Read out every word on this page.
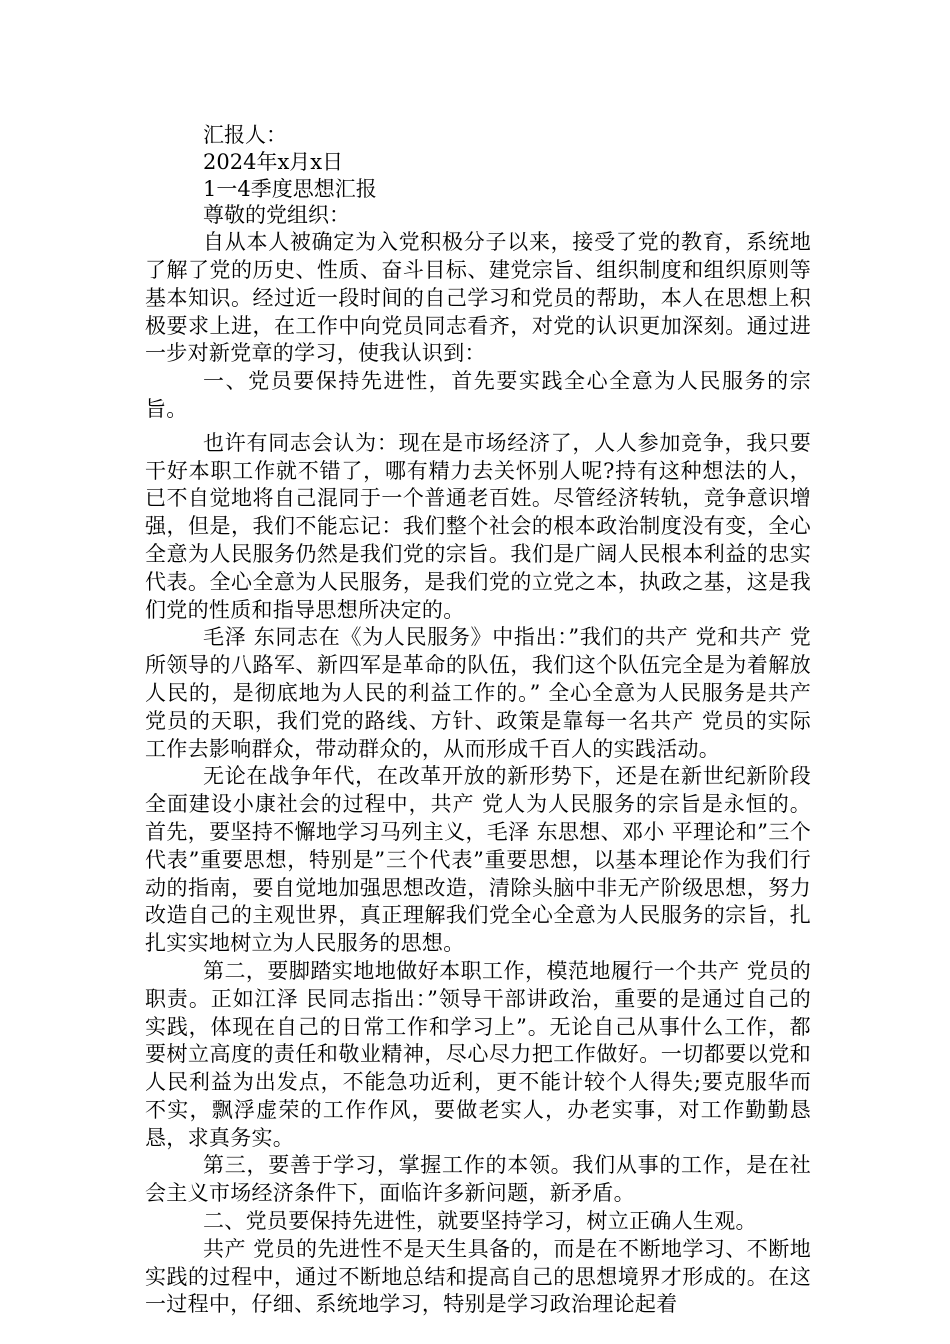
汇报人：

2024年x月x日

1一4季度思想汇报

尊敬的党组织：

自从本人被确定为入党积极分子以来，接受了党的教育，系统地了解了党的历史、性质、奋斗目标、建党宗旨、组织制度和组织原则等基本知识。经过近一段时间的自己学习和党员的帮助，本人在思想上积极要求上进，在工作中向党员同志看齐，对党的认识更加深刻。通过进一步对新党章的学习，使我认识到：

一、党员要保持先进性，首先要实践全心全意为人民服务的宗旨。

也许有同志会认为：现在是市场经济了，人人参加竞争，我只要干好本职工作就不错了，哪有精力去关怀别人呢?持有这种想法的人，已不自觉地将自己混同于一个普通老百姓。尽管经济转轨，竞争意识增强，但是，我们不能忘记：我们整个社会的根本政治制度没有变，全心全意为人民服务仍然是我们党的宗旨。我们是广阔人民根本利益的忠实代表。全心全意为人民服务，是我们党的立党之本，执政之基，这是我们党的性质和指导思想所决定的。

毛泽 东同志在《为人民服务》中指出：”我们的共产 党和共产 党所领导的八路军、新四军是革命的队伍，我们这个队伍完全是为着解放人民的，是彻底地为人民的利益工作的。” 全心全意为人民服务是共产 党员的天职，我们党的路线、方针、政策是靠每一名共产 党员的实际工作去影响群众，带动群众的，从而形成千百人的实践活动。

无论在战争年代，在改革开放的新形势下，还是在新世纪新阶段全面建设小康社会的过程中，共产 党人为人民服务的宗旨是永恒的。首先，要坚持不懈地学习马列主义，毛泽 东思想、邓小 平理论和”三个代表”重要思想，特别是”三个代表”重要思想，以基本理论作为我们行动的指南，要自觉地加强思想改造，清除头脑中非无产阶级思想，努力改造自己的主观世界，真正理解我们党全心全意为人民服务的宗旨，扎扎实实地树立为人民服务的思想。

第二，要脚踏实地地做好本职工作，模范地履行一个共产 党员的职责。正如江泽 民同志指出：”领导干部讲政治，重要的是通过自己的实践，体现在自己的日常工作和学习上”。无论自己从事什么工作，都要树立高度的责任和敬业精神，尽心尽力把工作做好。一切都要以党和人民利益为出发点，不能急功近利，更不能计较个人得失;要克服华而不实，飘浮虚荣的工作作风，要做老实人，办老实事，对工作勤勤恳恳，求真务实。

第三，要善于学习，掌握工作的本领。我们从事的工作，是在社会主义市场经济条件下，面临许多新问题，新矛盾。

二、党员要保持先进性，就要坚持学习，树立正确人生观。

共产 党员的先进性不是天生具备的，而是在不断地学习、不断地实践的过程中，通过不断地总结和提高自己的思想境界才形成的。在这一过程中，仔细、系统地学习，特别是学习政治理论起着
